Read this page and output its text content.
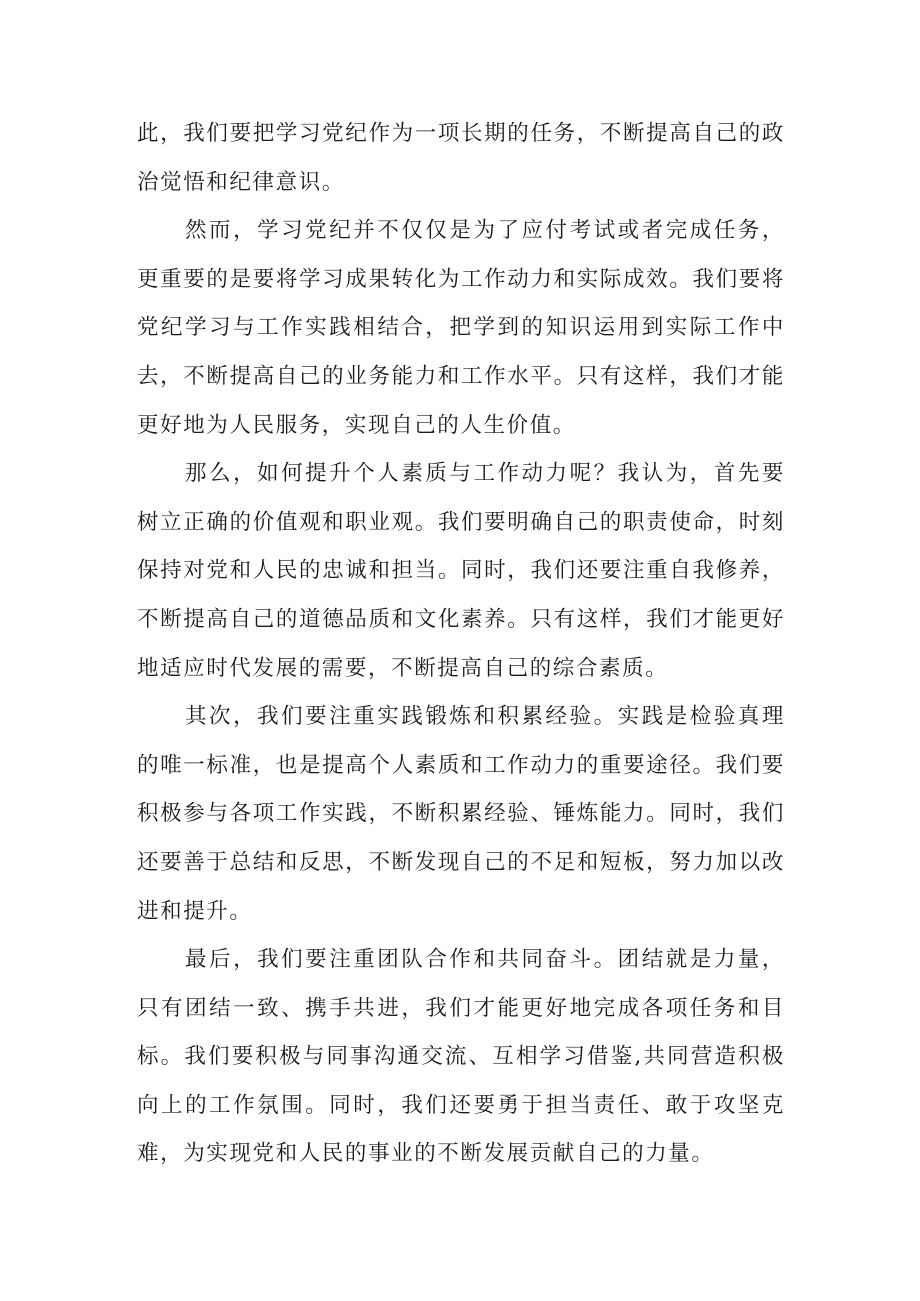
此，我们要把学习党纪作为一项长期的任务，不断提高自己的政治觉悟和纪律意识。

然而，学习党纪并不仅仅是为了应付考试或者完成任务，更重要的是要将学习成果转化为工作动力和实际成效。我们要将党纪学习与工作实践相结合，把学到的知识运用到实际工作中去，不断提高自己的业务能力和工作水平。只有这样，我们才能更好地为人民服务，实现自己的人生价值。

那么，如何提升个人素质与工作动力呢？我认为，首先要树立正确的价值观和职业观。我们要明确自己的职责使命，时刻保持对党和人民的忠诚和担当。同时，我们还要注重自我修养，不断提高自己的道德品质和文化素养。只有这样，我们才能更好地适应时代发展的需要，不断提高自己的综合素质。

其次，我们要注重实践锻炼和积累经验。实践是检验真理的唯一标准，也是提高个人素质和工作动力的重要途径。我们要积极参与各项工作实践，不断积累经验、锤炼能力。同时，我们还要善于总结和反思，不断发现自己的不足和短板，努力加以改进和提升。

最后，我们要注重团队合作和共同奋斗。团结就是力量，只有团结一致、携手共进，我们才能更好地完成各项任务和目标。我们要积极与同事沟通交流、互相学习借鉴,共同营造积极向上的工作氛围。同时，我们还要勇于担当责任、敢于攻坚克难，为实现党和人民的事业的不断发展贡献自己的力量。
